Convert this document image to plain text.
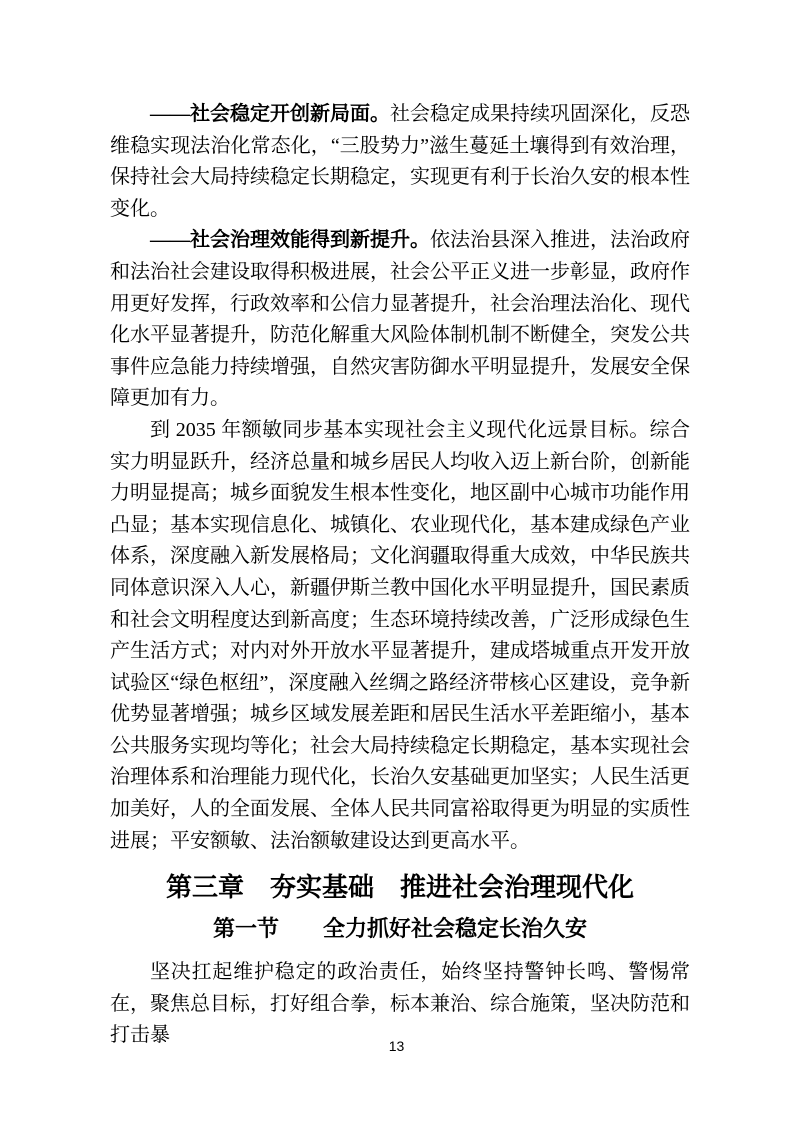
——社会稳定开创新局面。社会稳定成果持续巩固深化，反恐维稳实现法治化常态化，“三股势力”滋生蔓延土壤得到有效治理，保持社会大局持续稳定长期稳定，实现更有利于长治久安的根本性变化。

——社会治理效能得到新提升。依法治县深入推进，法治政府和法治社会建设取得积极进展，社会公平正义进一步彰显，政府作用更好发挥，行政效率和公信力显著提升，社会治理法治化、现代化水平显著提升，防范化解重大风险体制机制不断健全，突发公共事件应急能力持续增强，自然灾害防御水平明显提升，发展安全保障更加有力。

到 2035 年额敏同步基本实现社会主义现代化远景目标。综合实力明显跃升，经济总量和城乡居民人均收入迈上新台阶，创新能力明显提高；城乡面貌发生根本性变化，地区副中心城市功能作用凸显；基本实现信息化、城镇化、农业现代化，基本建成绿色产业体系，深度融入新发展格局；文化润疆取得重大成效，中华民族共同体意识深入人心，新疆伊斯兰教中国化水平明显提升，国民素质和社会文明程度达到新高度；生态环境持续改善，广泛形成绿色生产生活方式；对内对外开放水平显著提升，建成塔城重点开发开放试验区“绿色枢纽”，深度融入丝绸之路经济带核心区建设，竞争新优势显著增强；城乡区域发展差距和居民生活水平差距缩小，基本公共服务实现均等化；社会大局持续稳定长期稳定，基本实现社会治理体系和治理能力现代化，长治久安基础更加坚实；人民生活更加美好，人的全面发展、全体人民共同富裕取得更为明显的实质性进展；平安额敏、法治额敏建设达到更高水平。

第三章　夯实基础　推进社会治理现代化
第一节　　全力抓好社会稳定长治久安

坚决扛起维护稳定的政治责任，始终坚持警钟长鸣、警惕常在，聚焦总目标，打好组合拳，标本兼治、综合施策，坚决防范和打击暴	13
